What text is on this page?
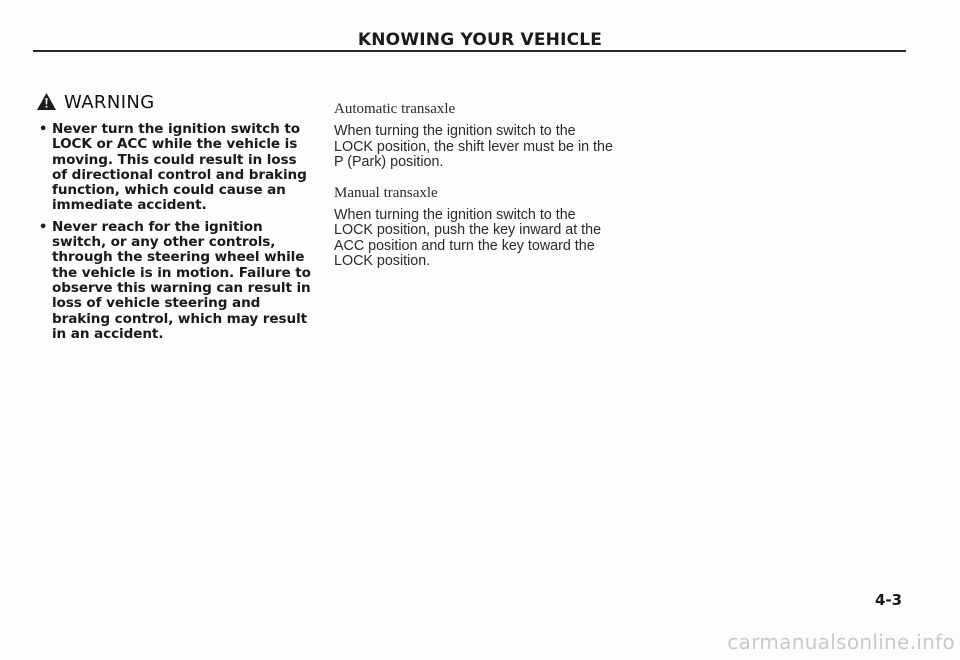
KNOWING YOUR VEHICLE
WARNING
• Never turn the ignition switch to LOCK or ACC while the vehicle is moving. This could result in loss of directional control and braking function, which could cause an immediate accident.
• Never reach for the ignition switch, or any other controls, through the steering wheel while the vehicle is in motion. Failure to observe this warning can result in loss of vehicle steering and braking control, which may result in an accident.
Automatic transaxle

When turning the ignition switch to the LOCK position, the shift lever must be in the P (Park) position.

Manual transaxle

When turning the ignition switch to the LOCK position, push the key inward at the ACC position and turn the key toward the LOCK position.

4-3
carmanualsonline.info
